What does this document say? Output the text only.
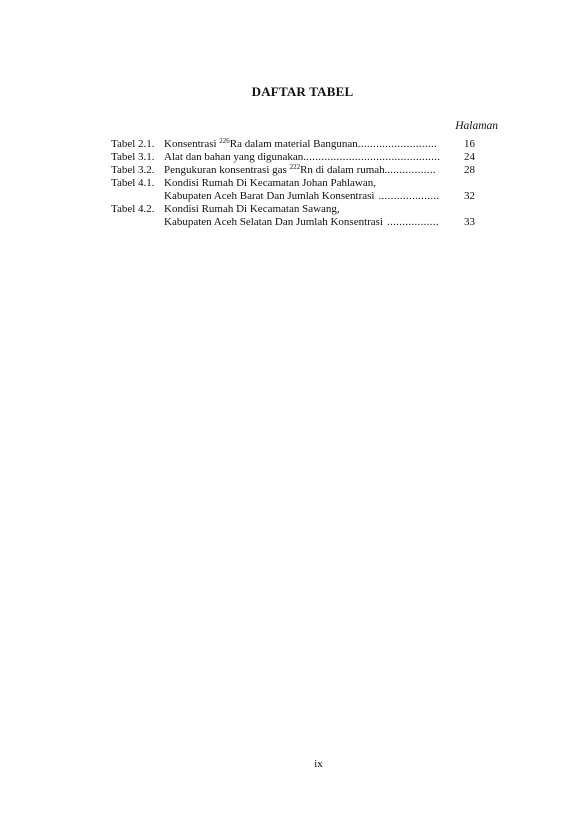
DAFTAR TABEL
Halaman
Tabel 2.1. Konsentrasi $^{226}$Ra dalam material Bangunan .......................... 16
Tabel 3.1. Alat dan bahan yang digunakan. ............................................ 24
Tabel 3.2. Pengukuran konsentrasi gas $^{222}$Rn di dalam rumah.. ...............	28
Tabel 4.1. Kondisi Rumah Di Kecamatan Johan Pahlawan,
Kabupaten Aceh Barat Dan Jumlah Konsentrasi .................... 32
Tabel 4.2. Kondisi Rumah Di Kecamatan Sawang,
Kabupaten Aceh Selatan Dan Jumlah Konsentrasi ................. 33
ix
